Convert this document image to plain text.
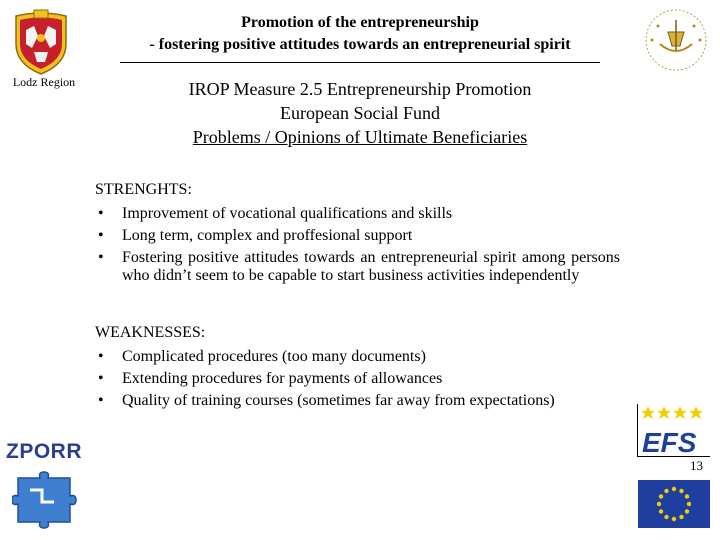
Lodz Region
Promotion of the entrepreneurship
- fostering positive attitudes towards an entrepreneurial spirit
IROP Measure 2.5 Entrepreneurship Promotion
European Social Fund
Problems / Opinions of Ultimate Beneficiaries
STRENGHTS:
• Improvement of vocational qualifications and skills
• Long term, complex and proffesional support
• Fostering positive attitudes towards an entrepreneurial spirit among persons who didn’t seem to be capable to start business activities independently
WEAKNESSES:
• Complicated procedures (too many documents)
• Extending procedures for payments of allowances
• Quality of training courses (sometimes far away from expectations)
ZPORR	EFS
13
